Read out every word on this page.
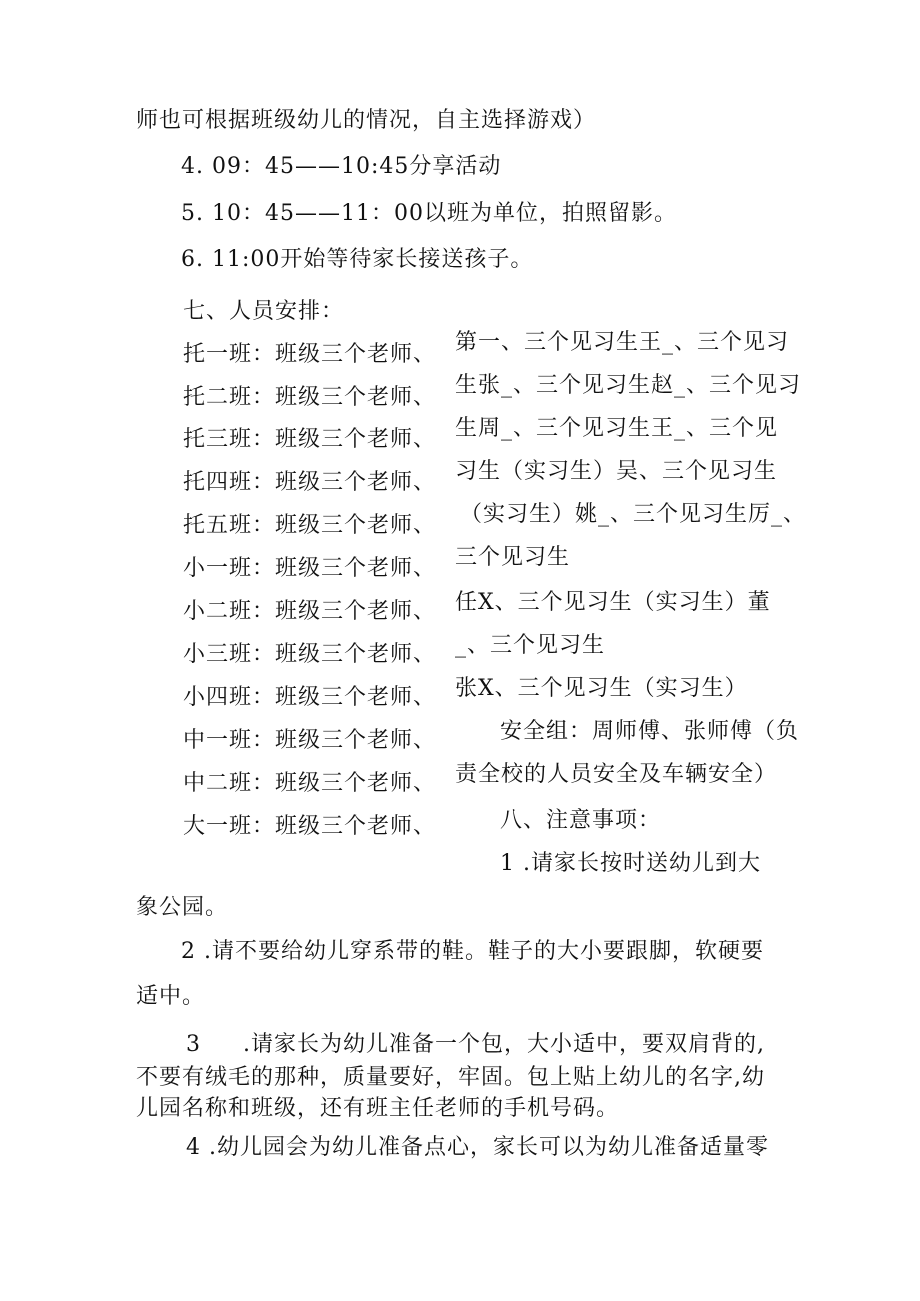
师也可根据班级幼儿的情况，自主选择游戏）
4. 09：45——10:45分享活动
5. 10：45——11：00以班为单位，拍照留影。
6. 11:00开始等待家长接送孩子。
七、人员安排：
托一班：班级三个老师、
托二班：班级三个老师、
托三班：班级三个老师、
托四班：班级三个老师、
托五班：班级三个老师、
小一班：班级三个老师、
小二班：班级三个老师、
小三班：班级三个老师、
小四班：班级三个老师、
中一班：班级三个老师、
中二班：班级三个老师、
大一班：班级三个老师、
第一、三个见习生王_、三个见习
生张_、三个见习生赵_、三个见习
生周_、三个见习生王_、三个见
习生（实习生）吴、三个见习生
（实习生）姚_、三个见习生厉_、
三个见习生
任X、三个见习生（实习生）董
_、三个见习生
张X、三个见习生（实习生）
安全组：周师傅、张师傅（负
责全校的人员安全及车辆安全）
八、注意事项：
1 .请家长按时送幼儿到大
象公园。
2 .请不要给幼儿穿系带的鞋。鞋子的大小要跟脚，软硬要
适中。
3 .请家长为幼儿准备一个包，大小适中，要双肩背的,
不要有绒毛的那种，质量要好，牢固。包上贴上幼儿的名字,幼
儿园名称和班级，还有班主任老师的手机号码。
4 .幼儿园会为幼儿准备点心，家长可以为幼儿准备适量零
